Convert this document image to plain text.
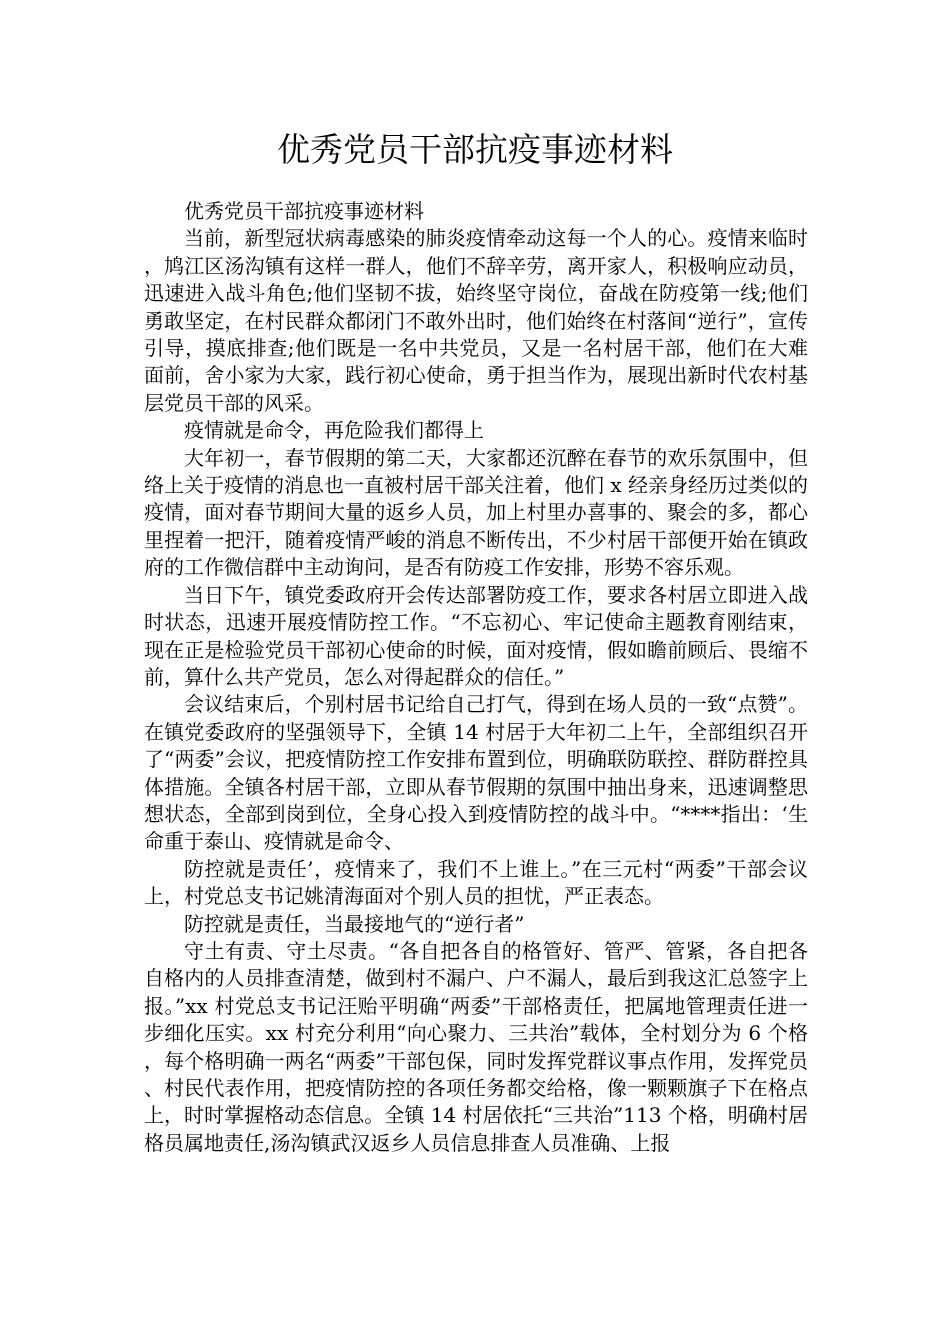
优秀党员干部抗疫事迹材料

优秀党员干部抗疫事迹材料

当前，新型冠状病毒感染的肺炎疫情牵动这每一个人的心。疫情来临时，鸠江区汤沟镇有这样一群人，他们不辞辛劳，离开家人，积极响应动员，迅速进入战斗角色;他们坚韧不拔，始终坚守岗位，奋战在防疫第一线;他们勇敢坚定，在村民群众都闭门不敢外出时，他们始终在村落间“逆行”，宣传引导，摸底排查;他们既是一名中共党员，又是一名村居干部，他们在大难面前，舍小家为大家，践行初心使命，勇于担当作为，展现出新时代农村基层党员干部的风采。

疫情就是命令，再危险我们都得上

大年初一，春节假期的第二天，大家都还沉醉在春节的欢乐氛围中，但络上关于疫情的消息也一直被村居干部关注着，他们 x 经亲身经历过类似的疫情，面对春节期间大量的返乡人员，加上村里办喜事的、聚会的多，都心里捏着一把汗，随着疫情严峻的消息不断传出，不少村居干部便开始在镇政府的工作微信群中主动询问，是否有防疫工作安排，形势不容乐观。

当日下午，镇党委政府开会传达部署防疫工作，要求各村居立即进入战时状态，迅速开展疫情防控工作。“不忘初心、牢记使命主题教育刚结束，现在正是检验党员干部初心使命的时候，面对疫情，假如瞻前顾后、畏缩不前，算什么共产党员，怎么对得起群众的信任。”

会议结束后，个别村居书记给自己打气，得到在场人员的一致“点赞”。在镇党委政府的坚强领导下，全镇 14 村居于大年初二上午，全部组织召开了“两委”会议，把疫情防控工作安排布置到位，明确联防联控、群防群控具体措施。全镇各村居干部，立即从春节假期的氛围中抽出身来，迅速调整思想状态，全部到岗到位，全身心投入到疫情防控的战斗中。“****指出：‘生命重于泰山、疫情就是命令、

防控就是责任’，疫情来了，我们不上谁上。”在三元村“两委”干部会议上，村党总支书记姚清海面对个别人员的担忧，严正表态。

防控就是责任，当最接地气的“逆行者”

守土有责、守土尽责。“各自把各自的格管好、管严、管紧，各自把各自格内的人员排查清楚，做到村不漏户、户不漏人，最后到我这汇总签字上报。”xx 村党总支书记汪贻平明确“两委”干部格责任，把属地管理责任进一步细化压实。xx 村充分利用“向心聚力、三共治”载体，全村划分为 6 个格，每个格明确一两名“两委”干部包保，同时发挥党群议事点作用，发挥党员、村民代表作用，把疫情防控的各项任务都交给格，像一颗颗旗子下在格点上，时时掌握格动态信息。全镇 14 村居依托“三共治”113 个格，明确村居格员属地责任,汤沟镇武汉返乡人员信息排查人员准确、上报
